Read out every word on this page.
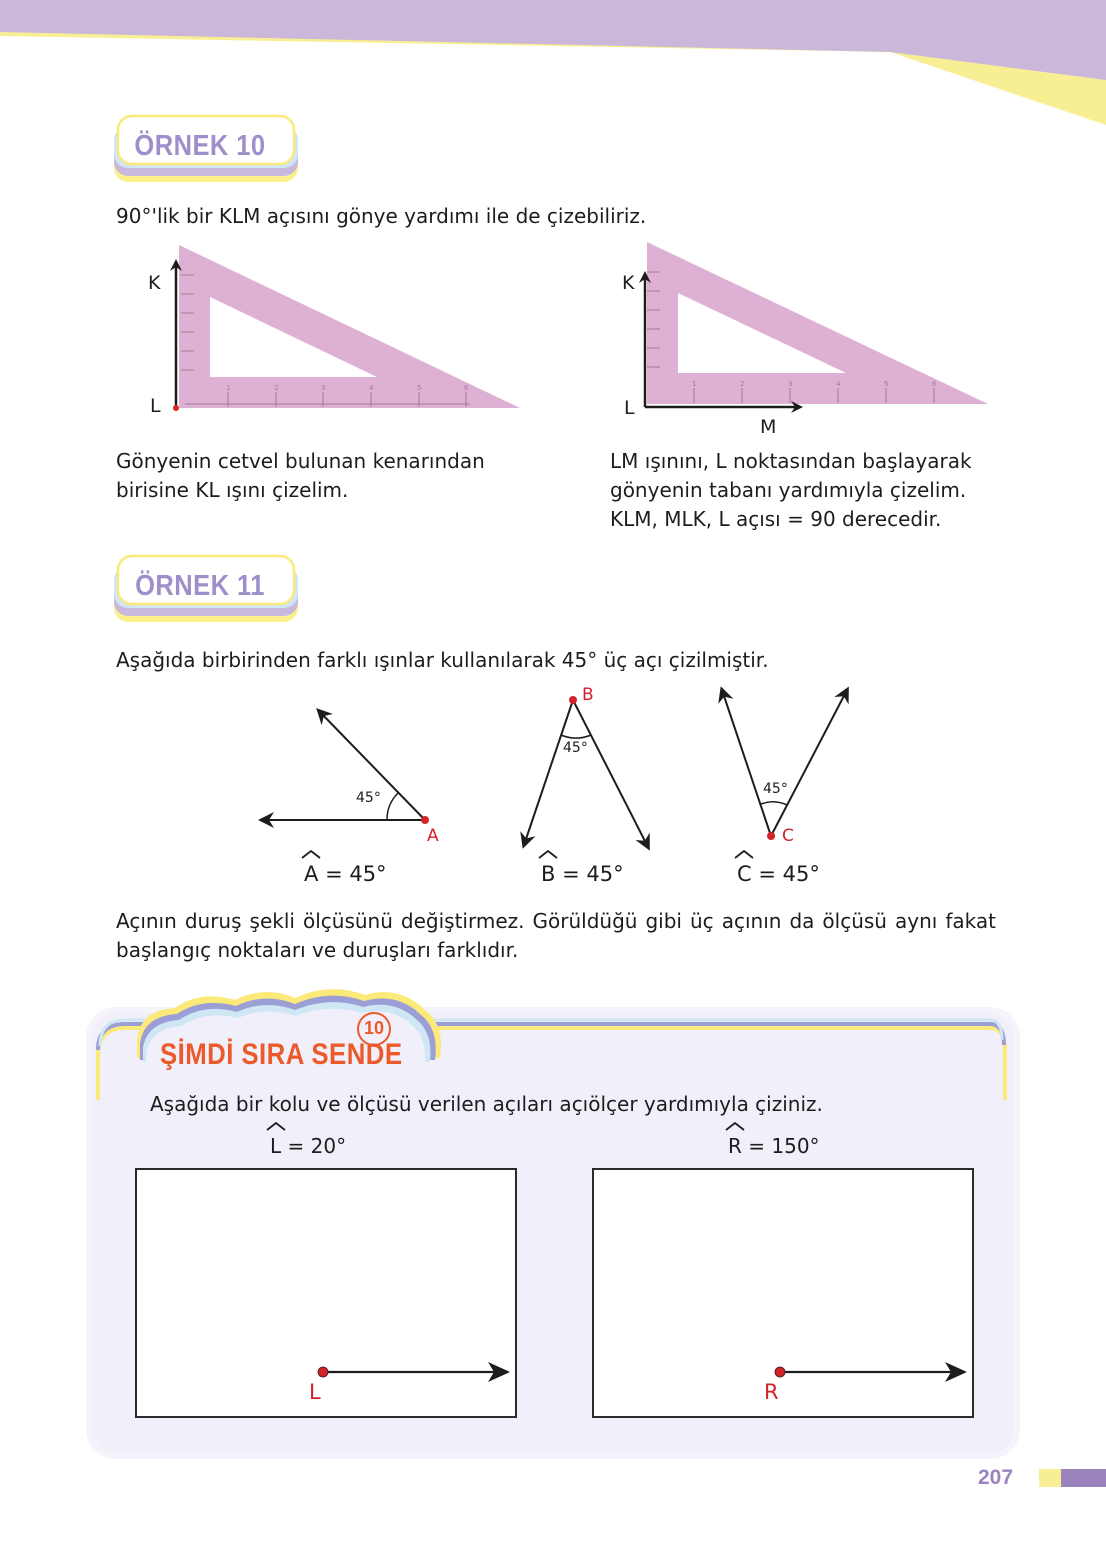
ÖRNEK 10
90°'lik bir KLM açısını gönye yardımı ile de çizebiliriz.
1	2	3	4	5	6	1	2	3	4	5	6
K
L
K
L
M
Gönyenin cetvel bulunan kenarından birisine KL ışını çizelim.
LM ışınını, L noktasından başlayarak
gönyenin tabanı yardımıyla çizelim.
KLM, MLK, L açısı = 90 derecedir.
ÖRNEK 11
Aşağıda birbirinden farklı ışınlar kullanılarak 45° üç açı çizilmiştir.
45°
A
45°
B
45°
C
A = 45°	B = 45°	C = 45°
Açının duruş şekli ölçüsünü değiştirmez. Görüldüğü gibi üç açının da ölçüsü aynı fakat başlangıç noktaları ve duruşları farklıdır.
10
ŞİMDİ SIRA SENDE
Aşağıda bir kolu ve ölçüsü verilen açıları açıölçer yardımıyla çiziniz.
L = 20°	R = 150°
L	R
207
